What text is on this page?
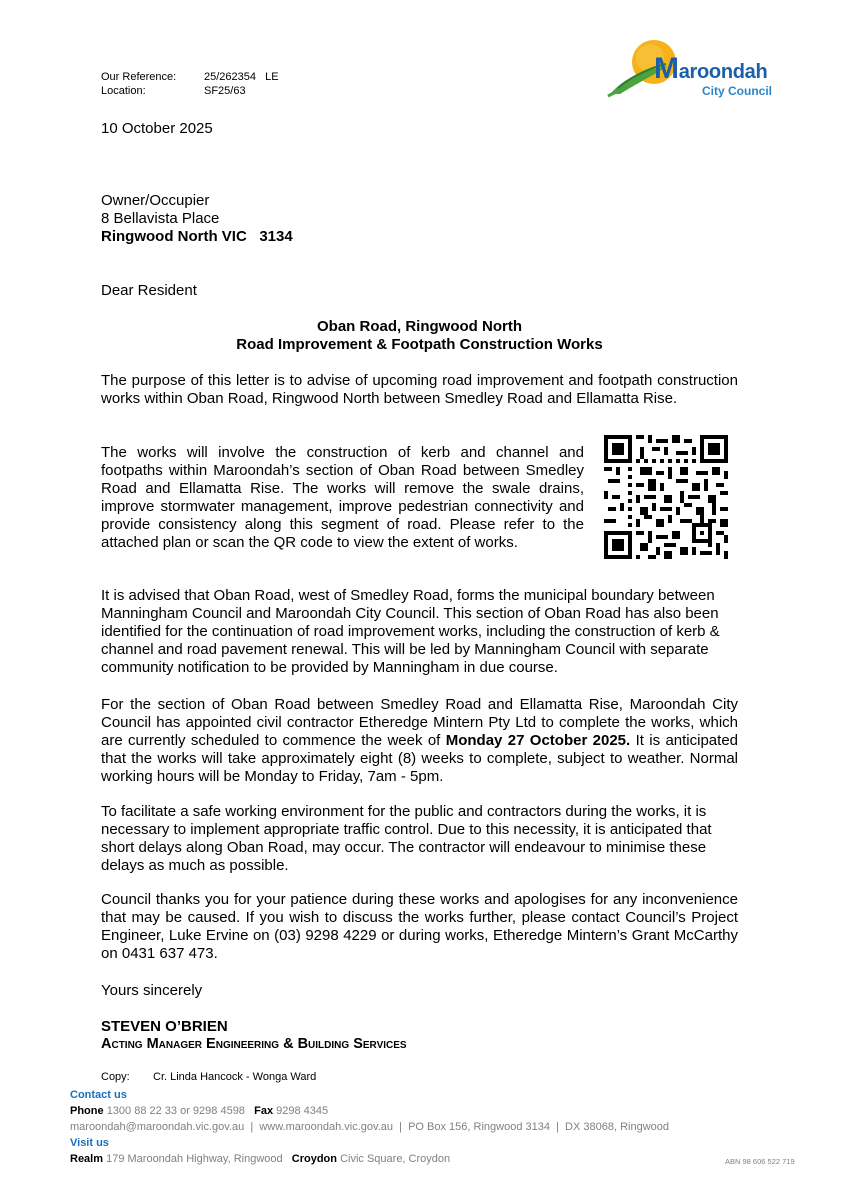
Our Reference:	25/262354   LE
Location:	SF25/63
Maroondah
City Council
10 October 2025
Owner/Occupier
8 Bellavista Place
Ringwood North VIC   3134
Dear Resident
Oban Road, Ringwood North
Road Improvement & Footpath Construction Works
The purpose of this letter is to advise of upcoming road improvement and footpath construction works within Oban Road, Ringwood North between Smedley Road and Ellamatta Rise.
The works will involve the construction of kerb and channel and footpaths within Maroondah’s section of Oban Road between Smedley Road and Ellamatta Rise. The works will remove the swale drains, improve stormwater management, improve pedestrian connectivity and provide consistency along this segment of road. Please refer to the attached plan or scan the QR code to view the extent of works.
It is advised that Oban Road, west of Smedley Road, forms the municipal boundary between Manningham Council and Maroondah City Council. This section of Oban Road has also been identified for the continuation of road improvement works, including the construction of kerb & channel and road pavement renewal. This will be led by Manningham Council with separate community notification to be provided by Manningham in due course.
For the section of Oban Road between Smedley Road and Ellamatta Rise, Maroondah City Council has appointed civil contractor Etheredge Mintern Pty Ltd to complete the works, which are currently scheduled to commence the week of Monday 27 October 2025. It is anticipated that the works will take approximately eight (8) weeks to complete, subject to weather. Normal working hours will be Monday to Friday, 7am - 5pm.
To facilitate a safe working environment for the public and contractors during the works, it is necessary to implement appropriate traffic control. Due to this necessity, it is anticipated that short delays along Oban Road, may occur. The contractor will endeavour to minimise these delays as much as possible.
Council thanks you for your patience during these works and apologises for any inconvenience that may be caused. If you wish to discuss the works further, please contact Council’s Project Engineer, Luke Ervine on (03) 9298 4229 or during works, Etheredge Mintern’s Grant McCarthy on 0431 637 473.
Yours sincerely
STEVEN O’BRIEN
Acting Manager Engineering & Building Services
Copy: Cr. Linda Hancock - Wonga Ward
Contact us
Phone 1300 88 22 33 or 9298 4598 Fax 9298 4345
maroondah@maroondah.vic.gov.au  |  www.maroondah.vic.gov.au  |  PO Box 156, Ringwood 3134  |  DX 38068, Ringwood
Visit us
Realm 179 Maroondah Highway, Ringwood Croydon Civic Square, Croydon	ABN 98 606 522 719
